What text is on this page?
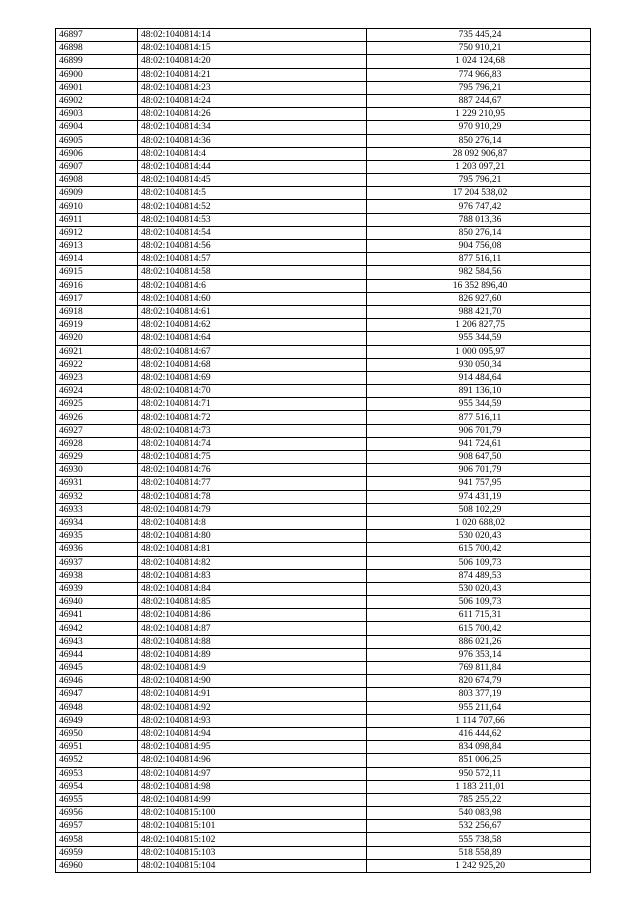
46897	48:02:1040814:14	735 445,24
46898	48:02:1040814:15	750 910,21
46899	48:02:1040814:20	1 024 124,68
46900	48:02:1040814:21	774 966,83
46901	48:02:1040814:23	795 796,21
46902	48:02:1040814:24	887 244,67
46903	48:02:1040814:26	1 229 210,95
46904	48:02:1040814:34	970 910,29
46905	48:02:1040814:36	850 276,14
46906	48:02:1040814:4	28 092 906,87
46907	48:02:1040814:44	1 203 097,21
46908	48:02:1040814:45	795 796,21
46909	48:02:1040814:5	17 204 538,02
46910	48:02:1040814:52	976 747,42
46911	48:02:1040814:53	788 013,36
46912	48:02:1040814:54	850 276,14
46913	48:02:1040814:56	904 756,08
46914	48:02:1040814:57	877 516,11
46915	48:02:1040814:58	982 584,56
46916	48:02:1040814:6	16 352 896,40
46917	48:02:1040814:60	826 927,60
46918	48:02:1040814:61	988 421,70
46919	48:02:1040814:62	1 206 827,75
46920	48:02:1040814:64	955 344,59
46921	48:02:1040814:67	1 000 095,97
46922	48:02:1040814:68	930 050,34
46923	48:02:1040814:69	914 484,64
46924	48:02:1040814:70	891 136,10
46925	48:02:1040814:71	955 344,59
46926	48:02:1040814:72	877 516,11
46927	48:02:1040814:73	906 701,79
46928	48:02:1040814:74	941 724,61
46929	48:02:1040814:75	908 647,50
46930	48:02:1040814:76	906 701,79
46931	48:02:1040814:77	941 757,95
46932	48:02:1040814:78	974 431,19
46933	48:02:1040814:79	508 102,29
46934	48:02:1040814:8	1 020 688,02
46935	48:02:1040814:80	530 020,43
46936	48:02:1040814:81	615 700,42
46937	48:02:1040814:82	506 109,73
46938	48:02:1040814:83	874 489,53
46939	48:02:1040814:84	530 020,43
46940	48:02:1040814:85	506 109,73
46941	48:02:1040814:86	611 715,31
46942	48:02:1040814:87	615 700,42
46943	48:02:1040814:88	886 021,26
46944	48:02:1040814:89	976 353,14
46945	48:02:1040814:9	769 811,84
46946	48:02:1040814:90	820 674,79
46947	48:02:1040814:91	803 377,19
46948	48:02:1040814:92	955 211,64
46949	48:02:1040814:93	1 114 707,66
46950	48:02:1040814:94	416 444,62
46951	48:02:1040814:95	834 098,84
46952	48:02:1040814:96	851 006,25
46953	48:02:1040814:97	950 572,11
46954	48:02:1040814:98	1 183 211,01
46955	48:02:1040814:99	785 255,22
46956	48:02:1040815:100	540 083,98
46957	48:02:1040815:101	532 256,67
46958	48:02:1040815:102	555 738,58
46959	48:02:1040815:103	518 558,89
46960	48:02:1040815:104	1 242 925,20
